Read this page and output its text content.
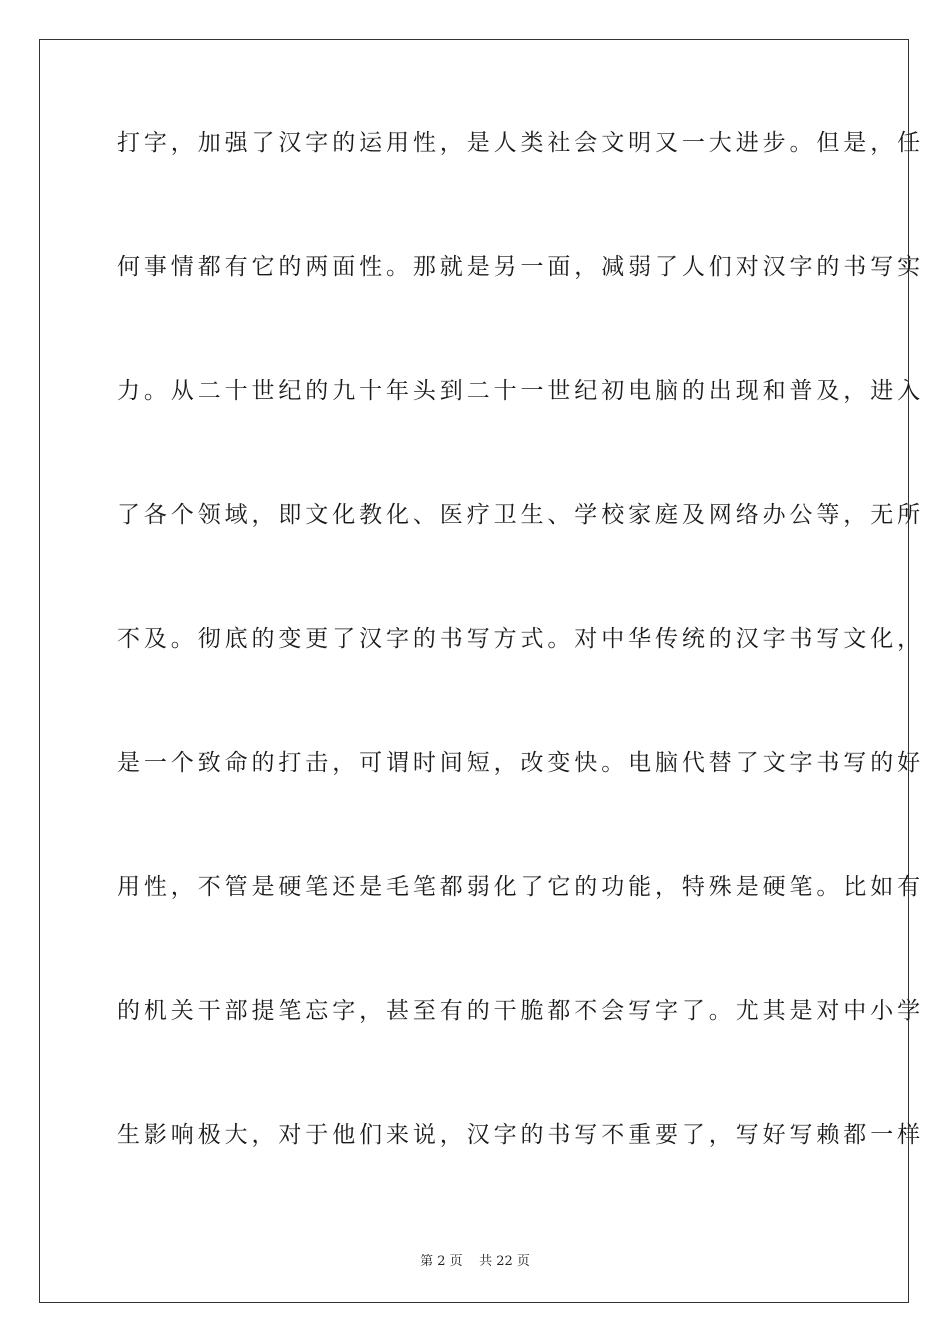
打字，加强了汉字的运用性，是人类社会文明又一大进步。但是，任
何事情都有它的两面性。那就是另一面，减弱了人们对汉字的书写实
力。从二十世纪的九十年头到二十一世纪初电脑的出现和普及，进入
了各个领域，即文化教化、医疗卫生、学校家庭及网络办公等，无所
不及。彻底的变更了汉字的书写方式。对中华传统的汉字书写文化，
是一个致命的打击，可谓时间短，改变快。电脑代替了文字书写的好
用性，不管是硬笔还是毛笔都弱化了它的功能，特殊是硬笔。比如有
的机关干部提笔忘字，甚至有的干脆都不会写字了。尤其是对中小学
生影响极大，对于他们来说，汉字的书写不重要了，写好写赖都一样
第 2 页    共 22 页
